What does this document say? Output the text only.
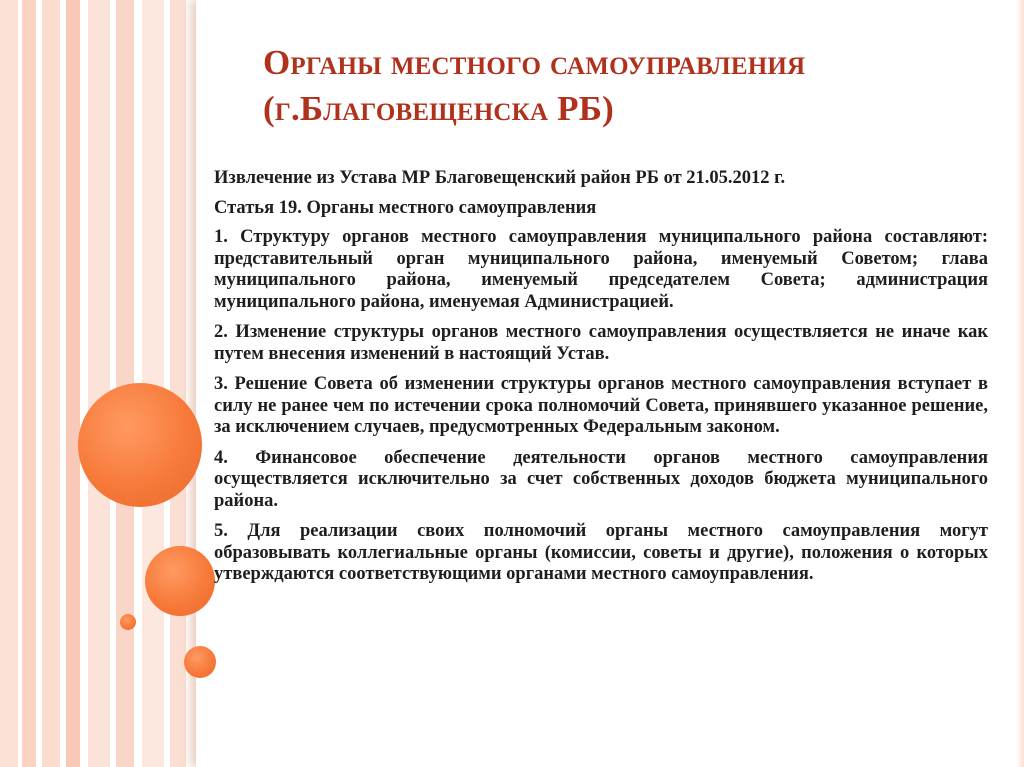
Органы местного самоуправления
(г.Благовещенска РБ)

Извлечение из Устава МР Благовещенский район РБ от 21.05.2012 г.

Статья 19. Органы местного самоуправления

1. Структуру органов местного самоуправления муниципального района составляют: представительный орган муниципального района, именуемый Советом; глава муниципального района, именуемый председателем Совета; администрация муниципального района, именуемая Администрацией.

2. Изменение структуры органов местного самоуправления осуществляется не иначе как путем внесения изменений в настоящий Устав.

3. Решение Совета об изменении структуры органов местного самоуправления вступает в силу не ранее чем по истечении срока полномочий Совета, принявшего указанное решение, за исключением случаев, предусмотренных Федеральным законом.

4. Финансовое обеспечение деятельности органов местного самоуправления осуществляется исключительно за счет собственных доходов бюджета муниципального района.

5. Для реализации своих полномочий органы местного самоуправления могут образовывать коллегиальные органы (комиссии, советы и другие), положения о которых утверждаются соответствующими органами местного самоуправления.
